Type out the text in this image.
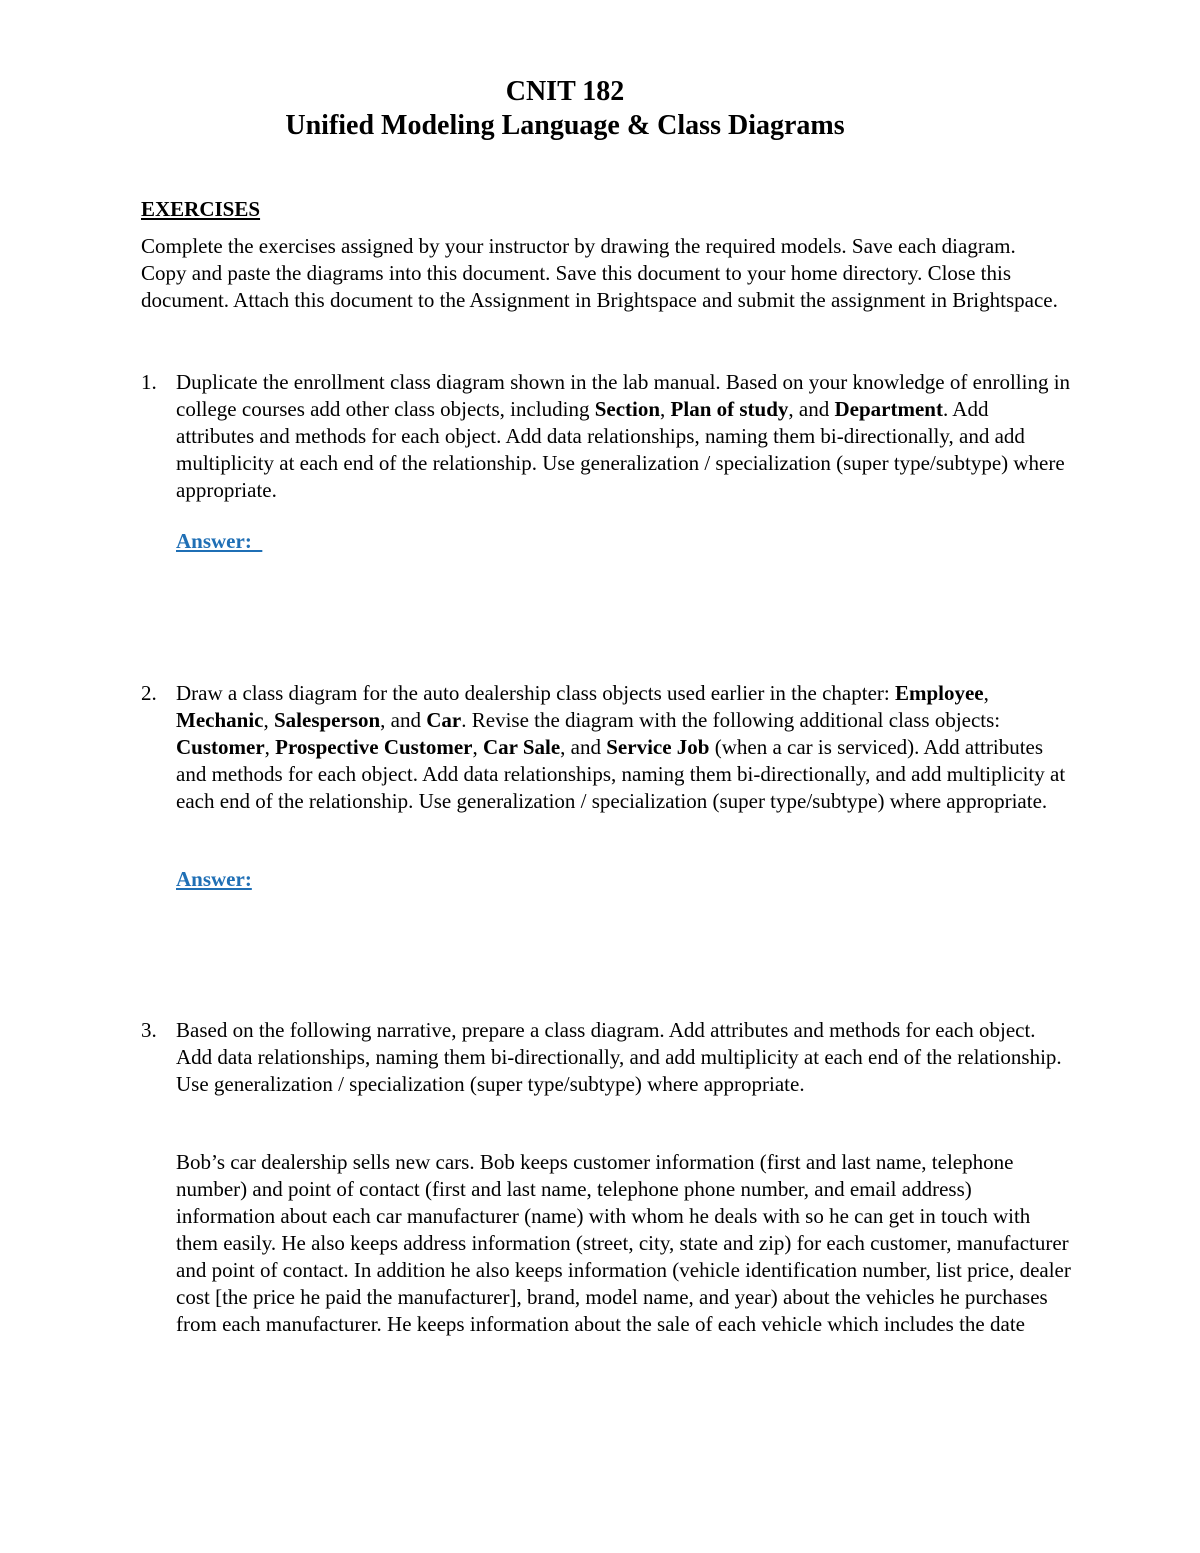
CNIT 182
Unified Modeling Language & Class Diagrams
EXERCISES
Complete the exercises assigned by your instructor by drawing the required models. Save each diagram. Copy and paste the diagrams into this document. Save this document to your home directory. Close this document. Attach this document to the Assignment in Brightspace and submit the assignment in Brightspace.
1. Duplicate the enrollment class diagram shown in the lab manual. Based on your knowledge of enrolling in college courses add other class objects, including Section, Plan of study, and Department. Add attributes and methods for each object. Add data relationships, naming them bi-directionally, and add multiplicity at each end of the relationship. Use generalization / specialization (super type/subtype) where appropriate.
Answer:
2. Draw a class diagram for the auto dealership class objects used earlier in the chapter: Employee, Mechanic, Salesperson, and Car. Revise the diagram with the following additional class objects: Customer, Prospective Customer, Car Sale, and Service Job (when a car is serviced). Add attributes and methods for each object. Add data relationships, naming them bi-directionally, and add multiplicity at each end of the relationship. Use generalization / specialization (super type/subtype) where appropriate.
Answer:
3. Based on the following narrative, prepare a class diagram. Add attributes and methods for each object. Add data relationships, naming them bi-directionally, and add multiplicity at each end of the relationship. Use generalization / specialization (super type/subtype) where appropriate.
Bob’s car dealership sells new cars. Bob keeps customer information (first and last name, telephone number) and point of contact (first and last name, telephone phone number, and email address) information about each car manufacturer (name) with whom he deals with so he can get in touch with them easily. He also keeps address information (street, city, state and zip) for each customer, manufacturer and point of contact. In addition he also keeps information (vehicle identification number, list price, dealer cost [the price he paid the manufacturer], brand, model name, and year) about the vehicles he purchases from each manufacturer. He keeps information about the sale of each vehicle which includes the date
